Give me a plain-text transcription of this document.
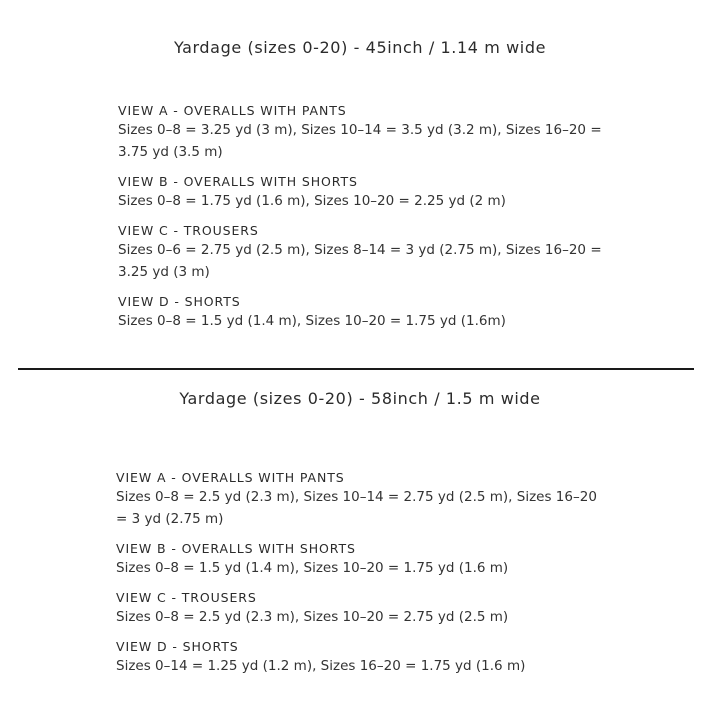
Yardage (sizes 0-20) - 45inch / 1.14 m wide
VIEW A - OVERALLS WITH PANTS
Sizes 0–8 = 3.25 yd (3 m), Sizes 10–14 = 3.5 yd (3.2 m), Sizes 16–20 = 3.75 yd (3.5 m)
VIEW B - OVERALLS WITH SHORTS
Sizes 0–8 = 1.75 yd (1.6 m), Sizes 10–20 = 2.25 yd (2 m)
VIEW C - TROUSERS
Sizes 0–6 = 2.75 yd (2.5 m), Sizes 8–14 = 3 yd (2.75 m), Sizes 16–20 = 3.25 yd (3 m)
VIEW D - SHORTS
Sizes 0–8 = 1.5 yd (1.4 m), Sizes 10–20 = 1.75 yd (1.6m)
Yardage (sizes 0-20) - 58inch / 1.5 m wide
VIEW A - OVERALLS WITH PANTS
Sizes 0–8 = 2.5 yd (2.3 m), Sizes 10–14 = 2.75 yd (2.5 m), Sizes 16–20 = 3 yd (2.75 m)
VIEW B - OVERALLS WITH SHORTS
Sizes 0–8 = 1.5 yd (1.4 m), Sizes 10–20 = 1.75 yd (1.6 m)
VIEW C - TROUSERS
Sizes 0–8 = 2.5 yd (2.3 m), Sizes 10–20 = 2.75 yd (2.5 m)
VIEW D - SHORTS
Sizes 0–14 = 1.25 yd (1.2 m), Sizes 16–20 = 1.75 yd (1.6 m)
